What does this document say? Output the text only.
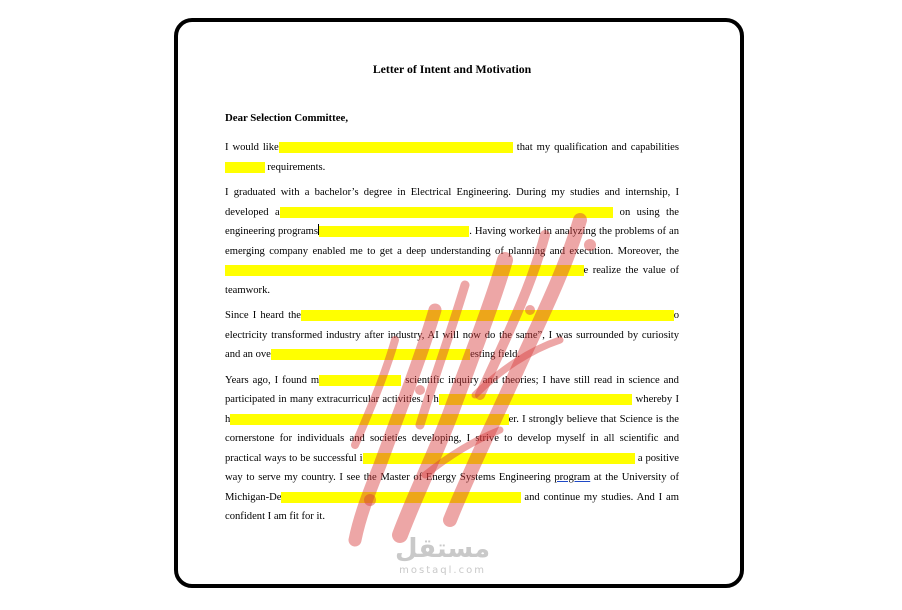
Letter of Intent and Motivation
Dear Selection Committee,

I would like to express my gratitude for this opportunity in order that my qualification and capabilities fulfill the requirements.

I graduated with a bachelor’s degree in Electrical Engineering. During my studies and internship, I developed a deep interest in Energy Systems, Electronics, with experience focused on using the engineering programs such as MATLAB, ETAP and PSS. Having worked in analyzing the problems of an emerging company enabled me to get a deep understanding of planning and execution. Moreover, the collaborative working environment helped me to develop my skills and made me realize the value of teamwork.

Since I heard the famous scientist Andrew Ng saying “AI is the new electricity, just as 100 years ago electricity transformed industry after industry, AI will now do the same”, I was surrounded by curiosity and an overwhelming desire to learn more about this interesting field.

Years ago, I found myself fascinated by scientific inquiry and theories; I have still read in science and participated in many extracurricular activities. I have also volunteered in several organizations whereby I have learned a lot about serving the society and being a volunteerer. I strongly believe that Science is the cornerstone for individuals and societies developing, I strive to develop myself in all scientific and practical ways to be successful in my career and to make a positive impact on people and societ a positive way to serve my country. I see the Master of Energy Systems Engineering program at the University of Michigan-Dearborn as a great opportunity to extend my knowledge and continue my studies. And I am confident I am fit for it.

مستقل
mostaql.com
